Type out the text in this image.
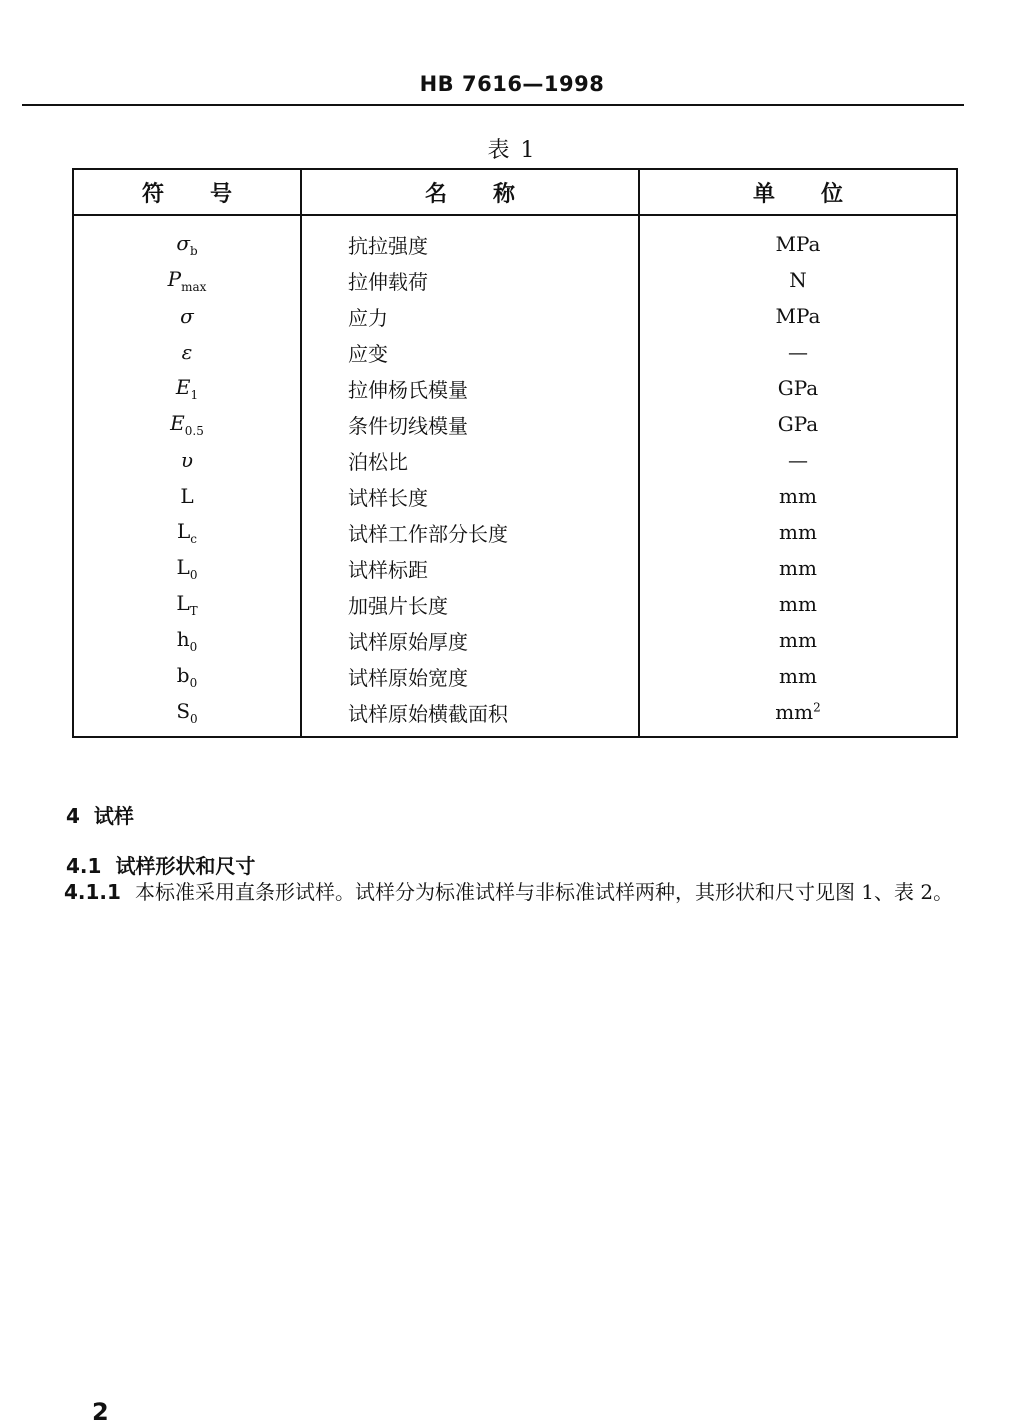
HB 7616—1998
表 1
符号	名称	单位
$\sigma_b$	抗拉强度	MPa
$P_{max}$	拉伸载荷	N
σ	应力	MPa
ε	应变	—
$E_1$	拉伸杨氏模量	GPa
$E_{0.5}$	条件切线模量	GPa
υ	泊松比	—
L	试样长度	mm
$L_c$	试样工作部分长度	mm
$L_0$	试样标距	mm
$L_T$	加强片长度	mm
$h_0$	试样原始厚度	mm
$b_0$	试样原始宽度	mm
$S_0$	试样原始横截面积	$mm^2$
4 试样
4.1 试样形状和尺寸
4.1.1 本标准采用直条形试样。试样分为标准试样与非标准试样两种，其形状和尺寸见图 1、表 2。
2
